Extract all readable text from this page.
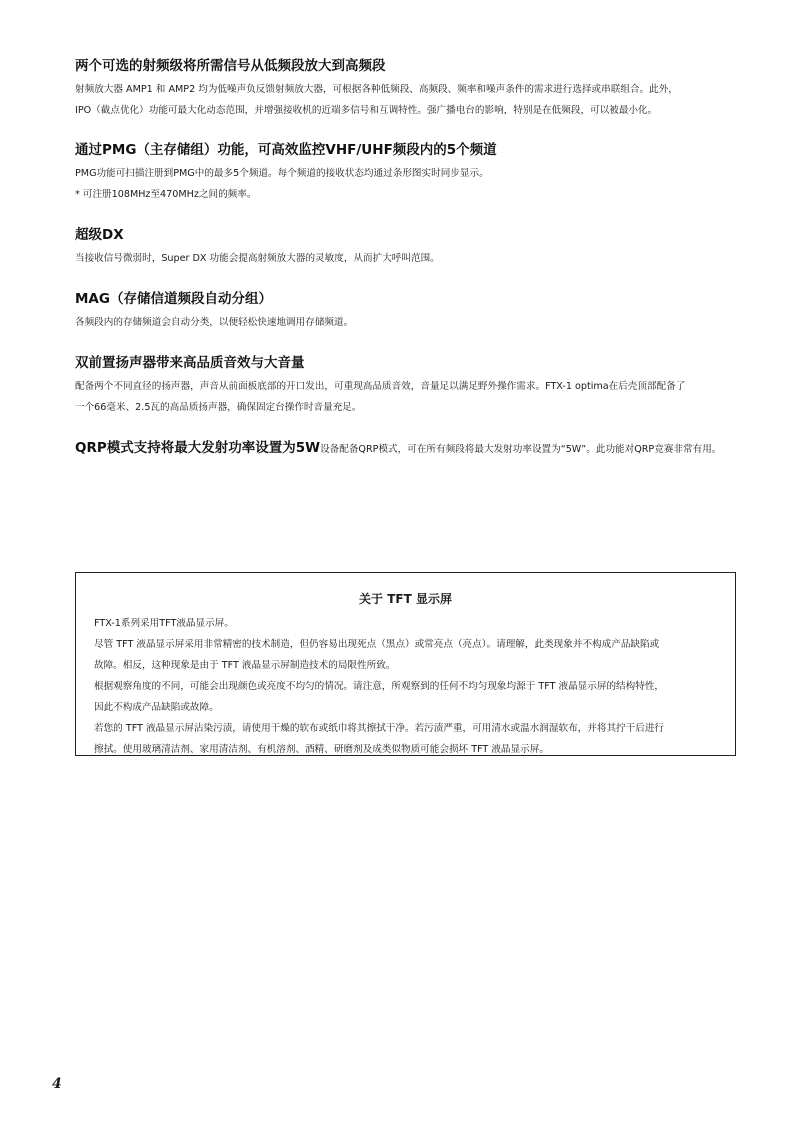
两个可选的射频级将所需信号从低频段放大到高频段

射频放大器 AMP1 和 AMP2 均为低噪声负反馈射频放大器，可根据各种低频段、高频段、频率和噪声条件的需求进行选择或串联组合。此外，

IPO（截点优化）功能可最大化动态范围，并增强接收机的近端多信号和互调特性。强广播电台的影响，特别是在低频段，可以被最小化。

通过PMG（主存储组）功能，可高效监控VHF/UHF频段内的5个频道

PMG功能可扫描注册到PMG中的最多5个频道。每个频道的接收状态均通过条形图实时同步显示。

* 可注册108MHz至470MHz之间的频率。

超级DX

当接收信号微弱时，Super DX 功能会提高射频放大器的灵敏度，从而扩大呼叫范围。

MAG（存储信道频段自动分组）

各频段内的存储频道会自动分类，以便轻松快速地调用存储频道。

双前置扬声器带来高品质音效与大音量

配备两个不同直径的扬声器，声音从前面板底部的开口发出，可重现高品质音效，音量足以满足野外操作需求。FTX-1 optima在后壳顶部配备了

一个66毫米、2.5瓦的高品质扬声器，确保固定台操作时音量充足。

QRP模式支持将最大发射功率设置为5W设备配备QRP模式，可在所有频段将最大发射功率设置为“5W”。此功能对QRP竞赛非常有用。
关于 TFT 显示屏

FTX-1系列采用TFT液晶显示屏。

尽管 TFT 液晶显示屏采用非常精密的技术制造，但仍容易出现死点（黑点）或常亮点（亮点）。请理解，此类现象并不构成产品缺陷或

故障。相反，这种现象是由于 TFT 液晶显示屏制造技术的局限性所致。

根据观察角度的不同，可能会出现颜色或亮度不均匀的情况。请注意，所观察到的任何不均匀现象均源于 TFT 液晶显示屏的结构特性，

因此不构成产品缺陷或故障。

若您的 TFT 液晶显示屏沾染污渍，请使用干燥的软布或纸巾将其擦拭干净。若污渍严重，可用清水或温水润湿软布，并将其拧干后进行

擦拭。使用玻璃清洁剂、家用清洁剂、有机溶剂、酒精、研磨剂及成类似物质可能会损坏 TFT 液晶显示屏。

4
